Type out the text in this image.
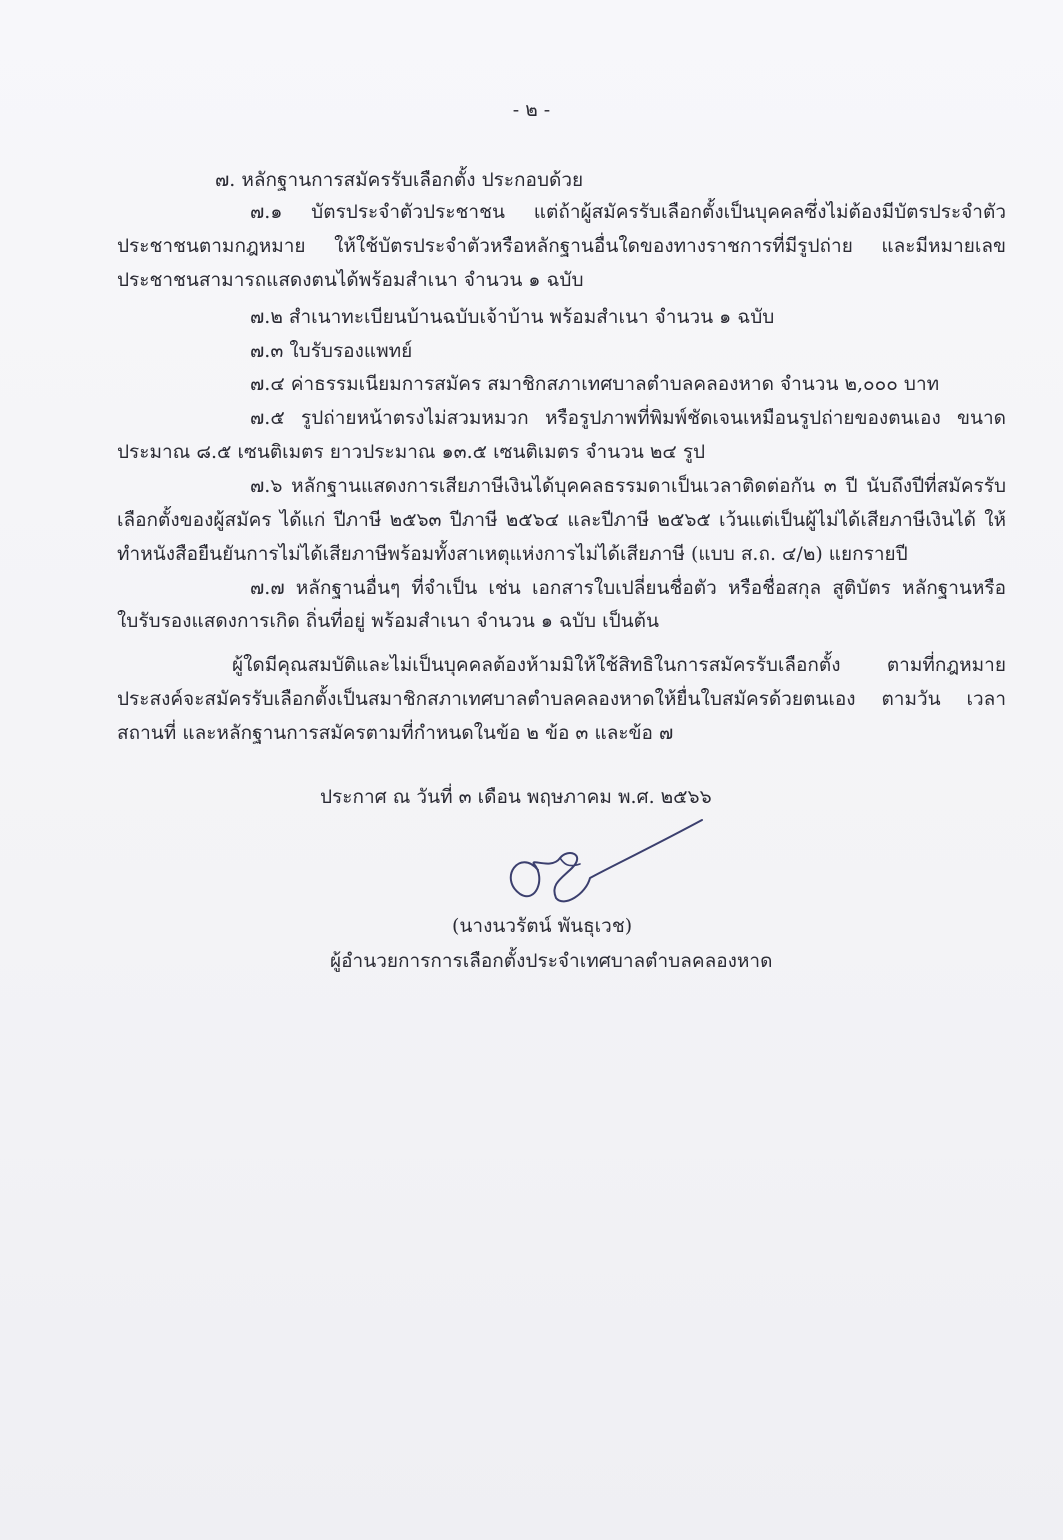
- ๒ -
๗. หลักฐานการสมัครรับเลือกตั้ง ประกอบด้วย
๗.๑ บัตรประจำตัวประชาชน แต่ถ้าผู้สมัครรับเลือกตั้งเป็นบุคคลซึ่งไม่ต้องมีบัตรประจำตัว
ประชาชนตามกฎหมาย ให้ใช้บัตรประจำตัวหรือหลักฐานอื่นใดของทางราชการที่มีรูปถ่าย และมีหมายเลข
ประชาชนสามารถแสดงตนได้พร้อมสำเนา จำนวน ๑ ฉบับ
๗.๒ สำเนาทะเบียนบ้านฉบับเจ้าบ้าน พร้อมสำเนา จำนวน ๑ ฉบับ
๗.๓ ใบรับรองแพทย์
๗.๔ ค่าธรรมเนียมการสมัคร สมาชิกสภาเทศบาลตำบลคลองหาด จำนวน ๒,๐๐๐ บาท
๗.๕ รูปถ่ายหน้าตรงไม่สวมหมวก หรือรูปภาพที่พิมพ์ชัดเจนเหมือนรูปถ่ายของตนเอง ขนาด
ประมาณ ๘.๕ เซนติเมตร ยาวประมาณ ๑๓.๕ เซนติเมตร จำนวน ๒๔ รูป
๗.๖ หลักฐานแสดงการเสียภาษีเงินได้บุคคลธรรมดาเป็นเวลาติดต่อกัน ๓ ปี นับถึงปีที่สมัครรับ
เลือกตั้งของผู้สมัคร ได้แก่ ปีภาษี ๒๕๖๓ ปีภาษี ๒๕๖๔ และปีภาษี ๒๕๖๕ เว้นแต่เป็นผู้ไม่ได้เสียภาษีเงินได้ ให้
ทำหนังสือยืนยันการไม่ได้เสียภาษีพร้อมทั้งสาเหตุแห่งการไม่ได้เสียภาษี (แบบ ส.ถ. ๔/๒) แยกรายปี
๗.๗ หลักฐานอื่นๆ ที่จำเป็น เช่น เอกสารใบเปลี่ยนชื่อตัว หรือชื่อสกุล สูติบัตร หลักฐานหรือ
ใบรับรองแสดงการเกิด ถิ่นที่อยู่ พร้อมสำเนา จำนวน ๑ ฉบับ เป็นต้น
ผู้ใดมีคุณสมบัติและไม่เป็นบุคคลต้องห้ามมิให้ใช้สิทธิในการสมัครรับเลือกตั้ง ตามที่กฎหมาย
ประสงค์จะสมัครรับเลือกตั้งเป็นสมาชิกสภาเทศบาลตำบลคลองหาดให้ยื่นใบสมัครด้วยตนเอง ตามวัน เวลา
สถานที่ และหลักฐานการสมัครตามที่กำหนดในข้อ ๒ ข้อ ๓ และข้อ ๗
ประกาศ ณ วันที่ ๓ เดือน พฤษภาคม พ.ศ. ๒๕๖๖
(นางนวรัตน์ พันธุเวช)
ผู้อำนวยการการเลือกตั้งประจำเทศบาลตำบลคลองหาด
